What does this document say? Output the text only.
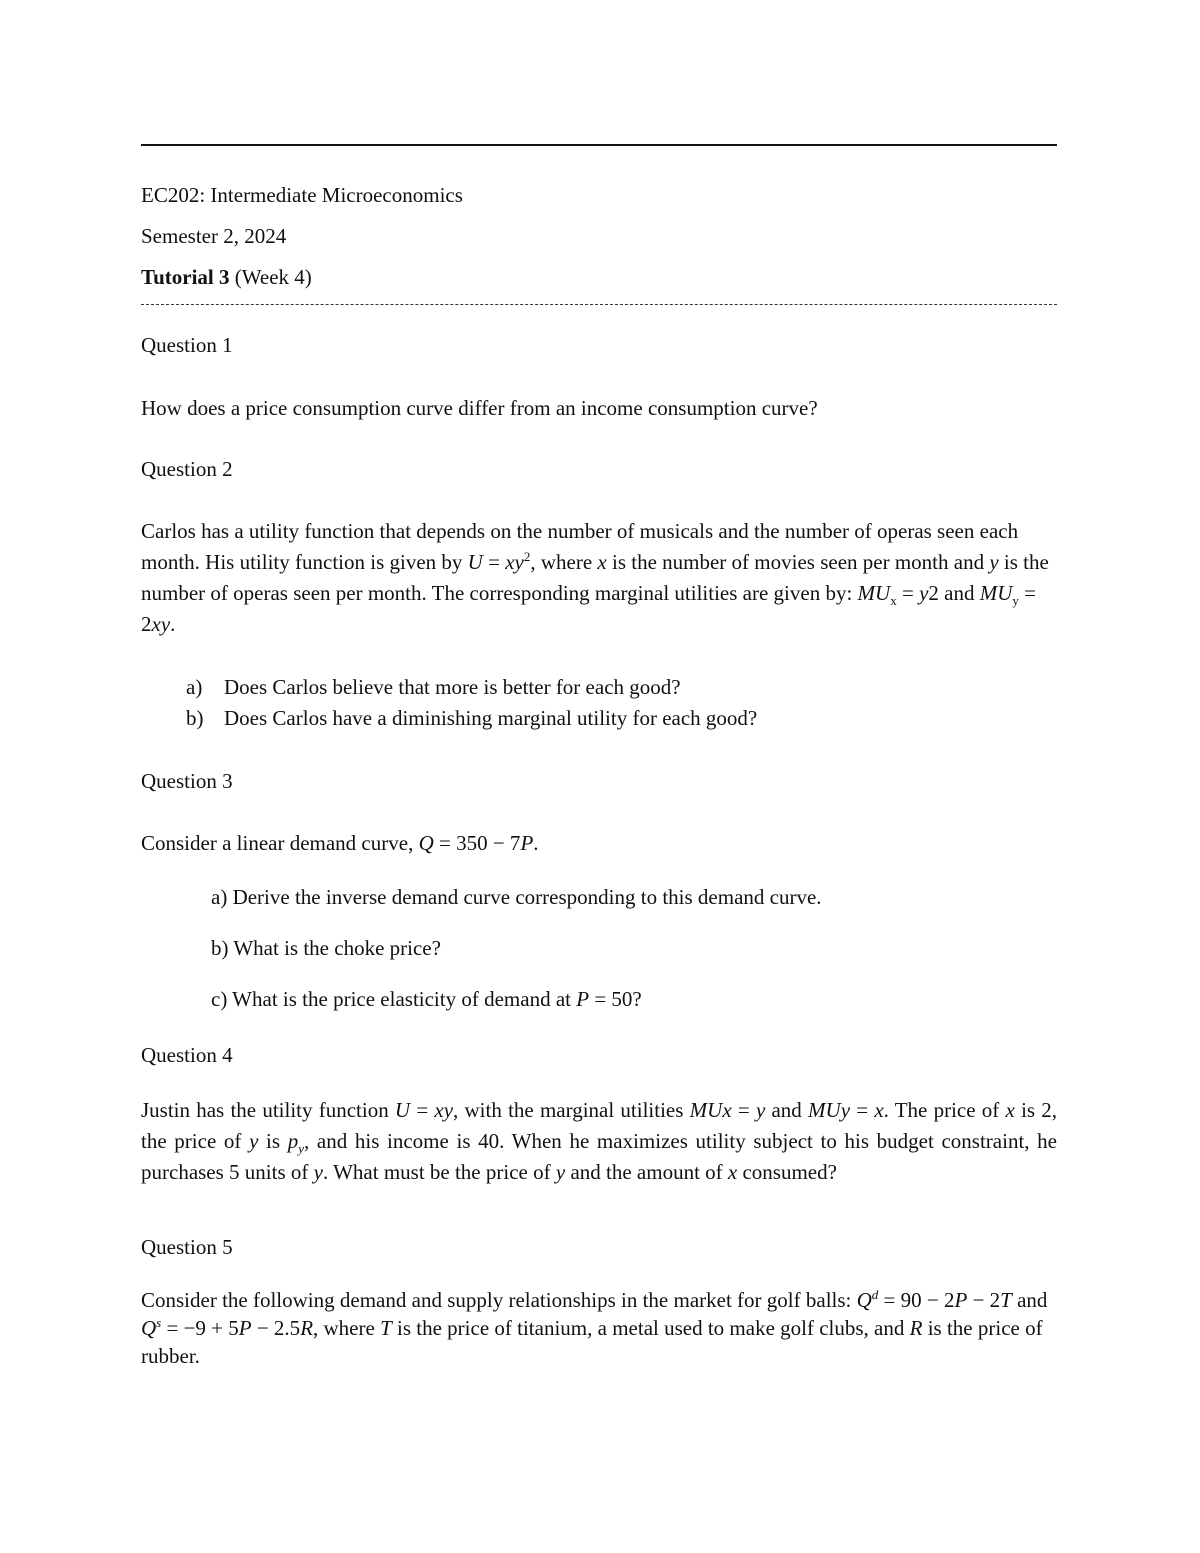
EC202: Intermediate Microeconomics
Semester 2, 2024
Tutorial 3 (Week 4)
Question 1
How does a price consumption curve differ from an income consumption curve?
Question 2
Carlos has a utility function that depends on the number of musicals and the number of operas seen each month. His utility function is given by $U = xy^2$, where x is the number of movies seen per month and y is the number of operas seen per month. The corresponding marginal utilities are given by: $MU_x = y2$ and $MU_y = 2xy$.
a) Does Carlos believe that more is better for each good?
b) Does Carlos have a diminishing marginal utility for each good?
Question 3
Consider a linear demand curve, Q = 350 − 7P.
a) Derive the inverse demand curve corresponding to this demand curve.
b) What is the choke price?
c) What is the price elasticity of demand at P = 50?
Question 4
Justin has the utility function U = xy, with the marginal utilities MUx = y and MUy = x. The price of x is 2, the price of y is $p_y$, and his income is 40. When he maximizes utility subject to his budget constraint, he purchases 5 units of y. What must be the price of y and the amount of x consumed?
Question 5
Consider the following demand and supply relationships in the market for golf balls: $Q^d = 90 - 2P - 2T$ and $Q^s = -9 + 5P - 2.5R$, where T is the price of titanium, a metal used to make golf clubs, and R is the price of rubber.
